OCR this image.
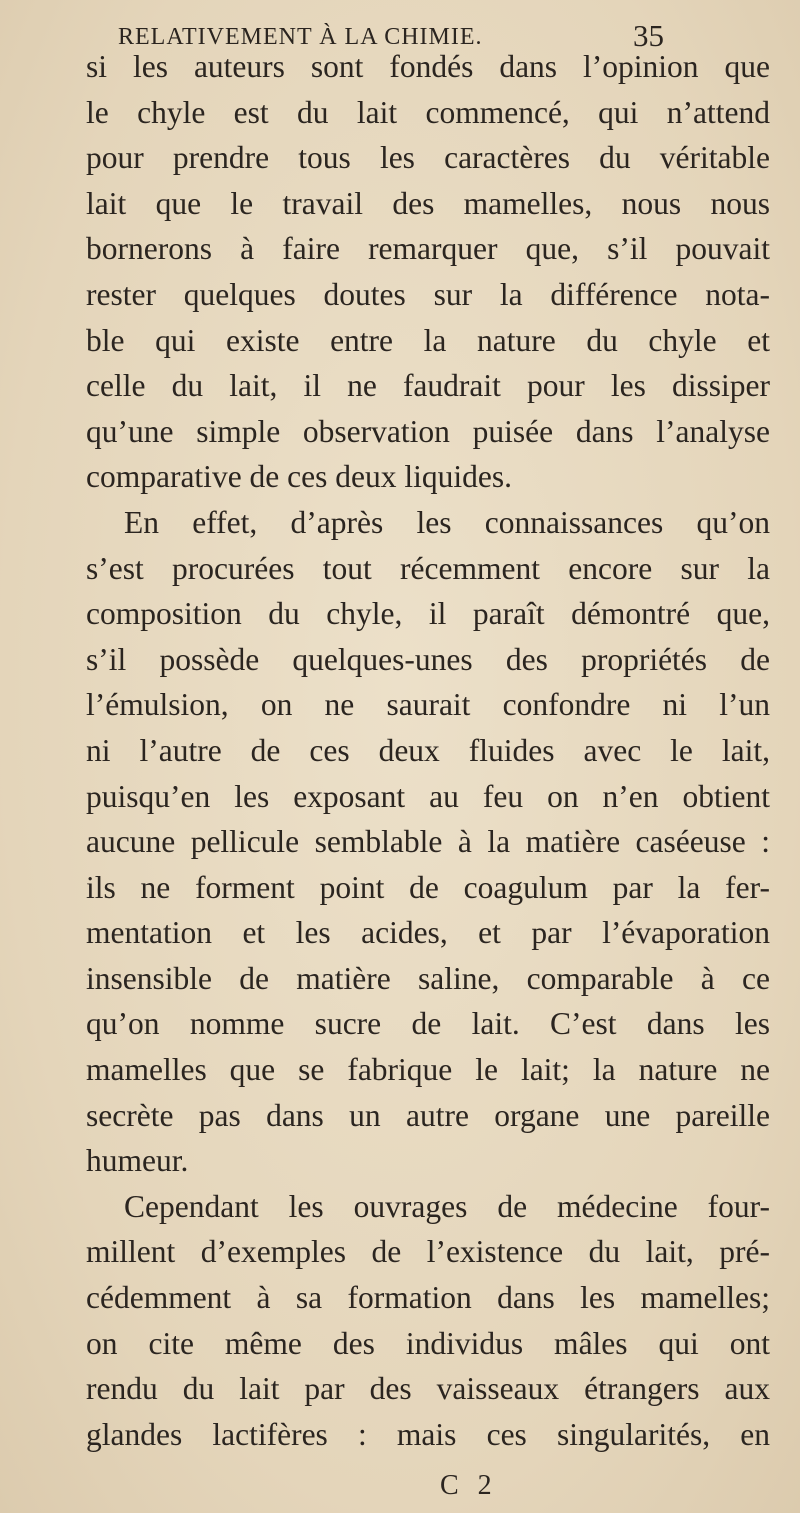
RELATIVEMENT À LA CHIMIE.	35
si les auteurs sont fondés dans l’opinion que
le chyle est du lait commencé, qui n’attend
pour prendre tous les caractères du véritable
lait que le travail des mamelles, nous nous
bornerons à faire remarquer que, s’il pouvait
rester quelques doutes sur la différence nota-
ble qui existe entre la nature du chyle et
celle du lait, il ne faudrait pour les dissiper
qu’une simple observation puisée dans l’analyse
comparative de ces deux liquides.
En effet, d’après les connaissances qu’on
s’est procurées tout récemment encore sur la
composition du chyle, il paraît démontré que,
s’il possède quelques-unes des propriétés de
l’émulsion, on ne saurait confondre ni l’un
ni l’autre de ces deux fluides avec le lait,
puisqu’en les exposant au feu on n’en obtient
aucune pellicule semblable à la matière caséeuse :
ils ne forment point de coagulum par la fer-
mentation et les acides, et par l’évaporation
insensible de matière saline, comparable à ce
qu’on nomme sucre de lait. C’est dans les
mamelles que se fabrique le lait; la nature ne
secrète pas dans un autre organe une pareille
humeur.
Cependant les ouvrages de médecine four-
millent d’exemples de l’existence du lait, pré-
cédemment à sa formation dans les mamelles;
on cite même des individus mâles qui ont
rendu du lait par des vaisseaux étrangers aux
glandes lactifères : mais ces singularités, en
C 2
